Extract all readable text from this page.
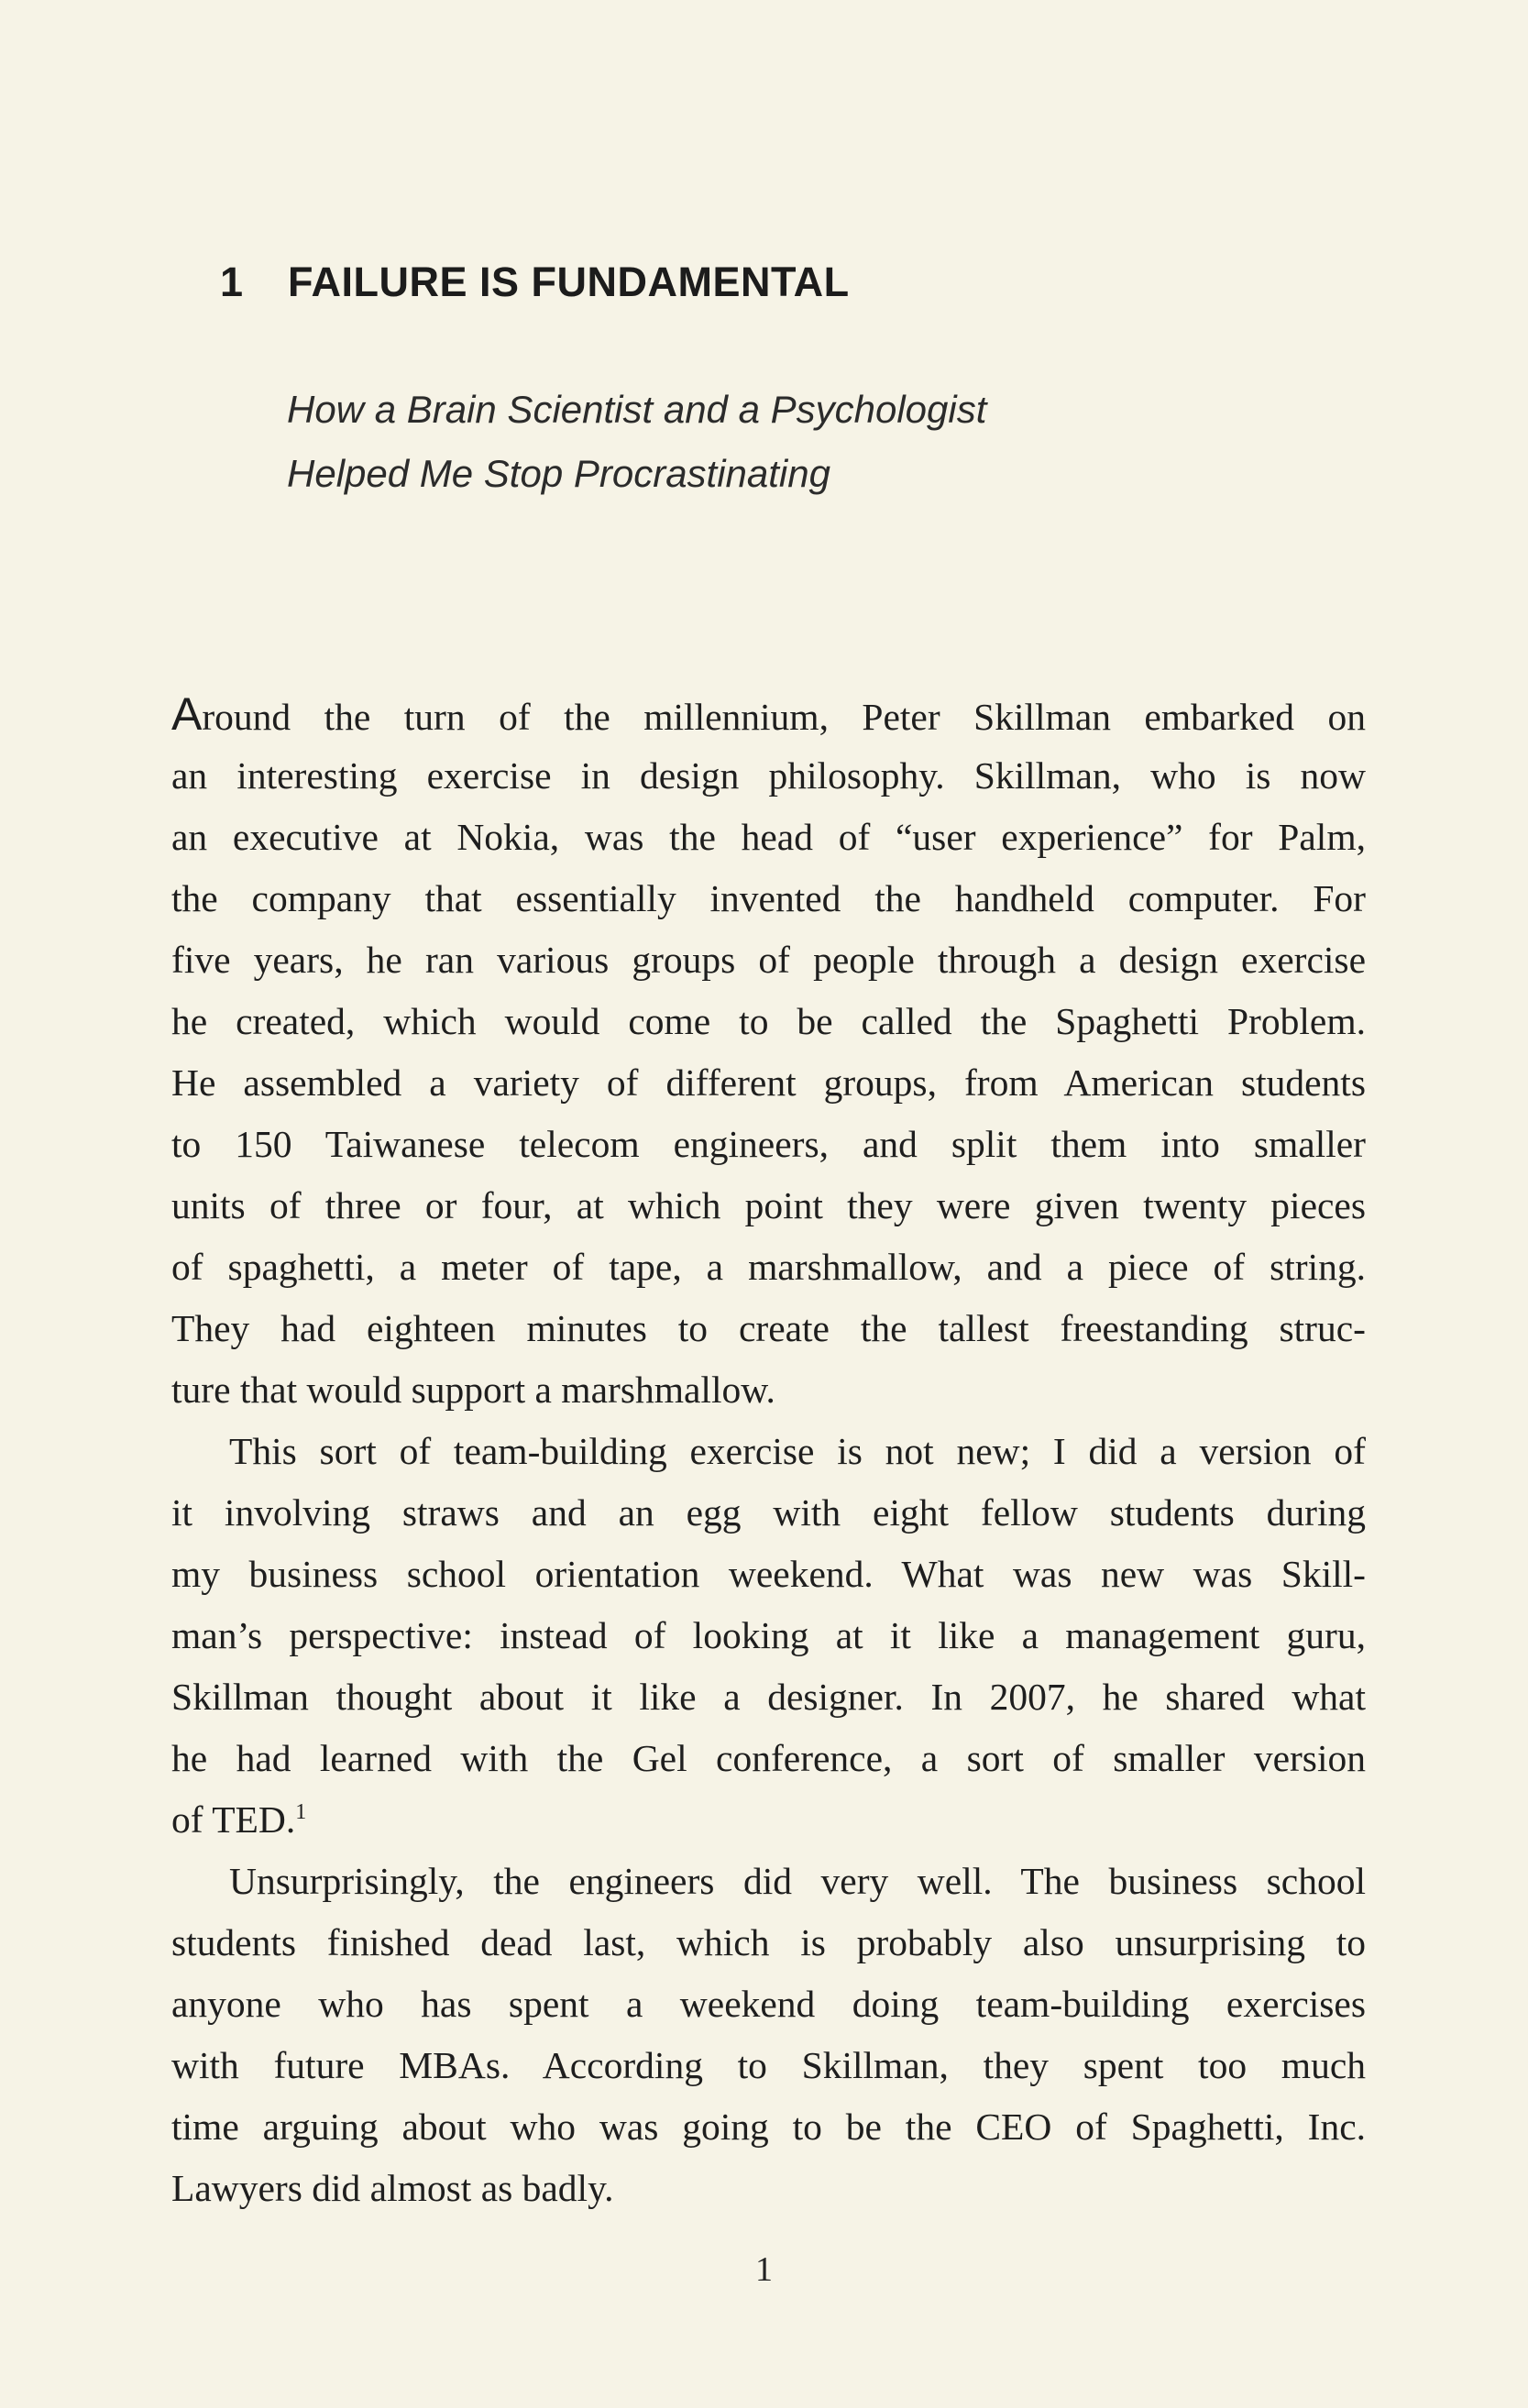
1 FAILURE IS FUNDAMENTAL
How a Brain Scientist and a Psychologist
Helped Me Stop Procrastinating
Around the turn of the millennium, Peter Skillman embarked on
an interesting exercise in design philosophy. Skillman, who is now
an executive at Nokia, was the head of “user experience” for Palm,
the company that essentially invented the handheld computer. For
five years, he ran various groups of people through a design exercise
he created, which would come to be called the Spaghetti Problem.
He assembled a variety of different groups, from American students
to 150 Taiwanese telecom engineers, and split them into smaller
units of three or four, at which point they were given twenty pieces
of spaghetti, a meter of tape, a marshmallow, and a piece of string.
They had eighteen minutes to create the tallest freestanding struc-
ture that would support a marshmallow.
This sort of team-building exercise is not new; I did a version of
it involving straws and an egg with eight fellow students during
my business school orientation weekend. What was new was Skill-
man’s perspective: instead of looking at it like a management guru,
Skillman thought about it like a designer. In 2007, he shared what
he had learned with the Gel conference, a sort of smaller version
of TED.$^1$
Unsurprisingly, the engineers did very well. The business school
students finished dead last, which is probably also unsurprising to
anyone who has spent a weekend doing team-building exercises
with future MBAs. According to Skillman, they spent too much
time arguing about who was going to be the CEO of Spaghetti, Inc.
Lawyers did almost as badly.
1
